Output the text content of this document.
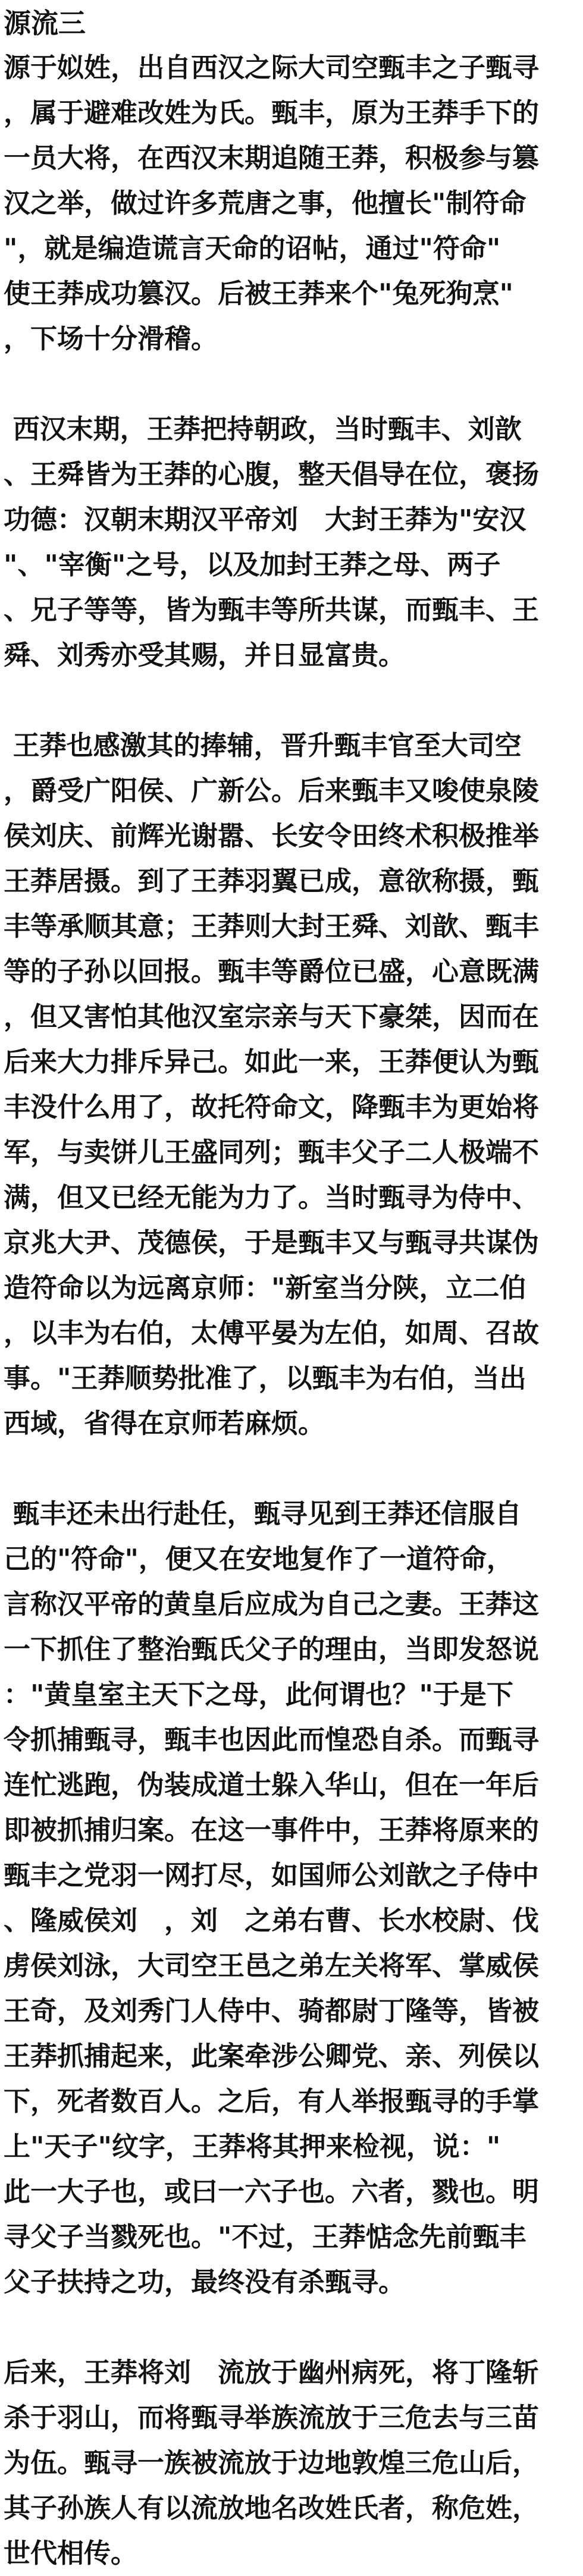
源流三
源于姒姓，出自西汉之际大司空甄丰之子甄寻
，属于避难改姓为氏。甄丰，原为王莽手下的
一员大将，在西汉末期追随王莽，积极参与篡
汉之举，做过许多荒唐之事，他擅长"制符命
"，就是编造谎言天命的诏帖，通过"符命"
使王莽成功篡汉。后被王莽来个"兔死狗烹"
，下场十分滑稽。
西汉末期，王莽把持朝政，当时甄丰、刘歆
、王舜皆为王莽的心腹，整天倡导在位，褒扬
功德：汉朝末期汉平帝刘　大封王莽为"安汉
"、"宰衡"之号，以及加封王莽之母、两子
、兄子等等，皆为甄丰等所共谋，而甄丰、王
舜、刘秀亦受其赐，并日显富贵。
王莽也感激其的捧辅，晋升甄丰官至大司空
，爵受广阳侯、广新公。后来甄丰又唆使泉陵
侯刘庆、前辉光谢嚣、长安令田终术积极推举
王莽居摄。到了王莽羽翼已成，意欲称摄，甄
丰等承顺其意；王莽则大封王舜、刘歆、甄丰
等的子孙以回报。甄丰等爵位已盛，心意既满
，但又害怕其他汉室宗亲与天下豪桀，因而在
后来大力排斥异己。如此一来，王莽便认为甄
丰没什么用了，故托符命文，降甄丰为更始将
军，与卖饼儿王盛同列；甄丰父子二人极端不
满，但又已经无能为力了。当时甄寻为侍中、
京兆大尹、茂德侯，于是甄丰又与甄寻共谋伪
造符命以为远离京师："新室当分陕，立二伯
，以丰为右伯，太傅平晏为左伯，如周、召故
事。"王莽顺势批准了，以甄丰为右伯，当出
西域，省得在京师若麻烦。
甄丰还未出行赴任，甄寻见到王莽还信服自
己的"符命"，便又在安地复作了一道符命，
言称汉平帝的黄皇后应成为自己之妻。王莽这
一下抓住了整治甄氏父子的理由，当即发怒说
："黄皇室主天下之母，此何谓也？"于是下
令抓捕甄寻，甄丰也因此而惶恐自杀。而甄寻
连忙逃跑，伪装成道士躲入华山，但在一年后
即被抓捕归案。在这一事件中，王莽将原来的
甄丰之党羽一网打尽，如国师公刘歆之子侍中
、隆威侯刘　，刘　之弟右曹、长水校尉、伐
虏侯刘泳，大司空王邑之弟左关将军、掌威侯
王奇，及刘秀门人侍中、骑都尉丁隆等，皆被
王莽抓捕起来，此案牵涉公卿党、亲、列侯以
下，死者数百人。之后，有人举报甄寻的手掌
上"天子"纹字，王莽将其押来检视，说："
此一大子也，或曰一六子也。六者，戮也。明
寻父子当戮死也。"不过，王莽惦念先前甄丰
父子扶持之功，最终没有杀甄寻。
后来，王莽将刘　流放于幽州病死，将丁隆斩
杀于羽山，而将甄寻举族流放于三危去与三苗
为伍。甄寻一族被流放于边地敦煌三危山后，
其子孙族人有以流放地名改姓氏者，称危姓，
世代相传。
